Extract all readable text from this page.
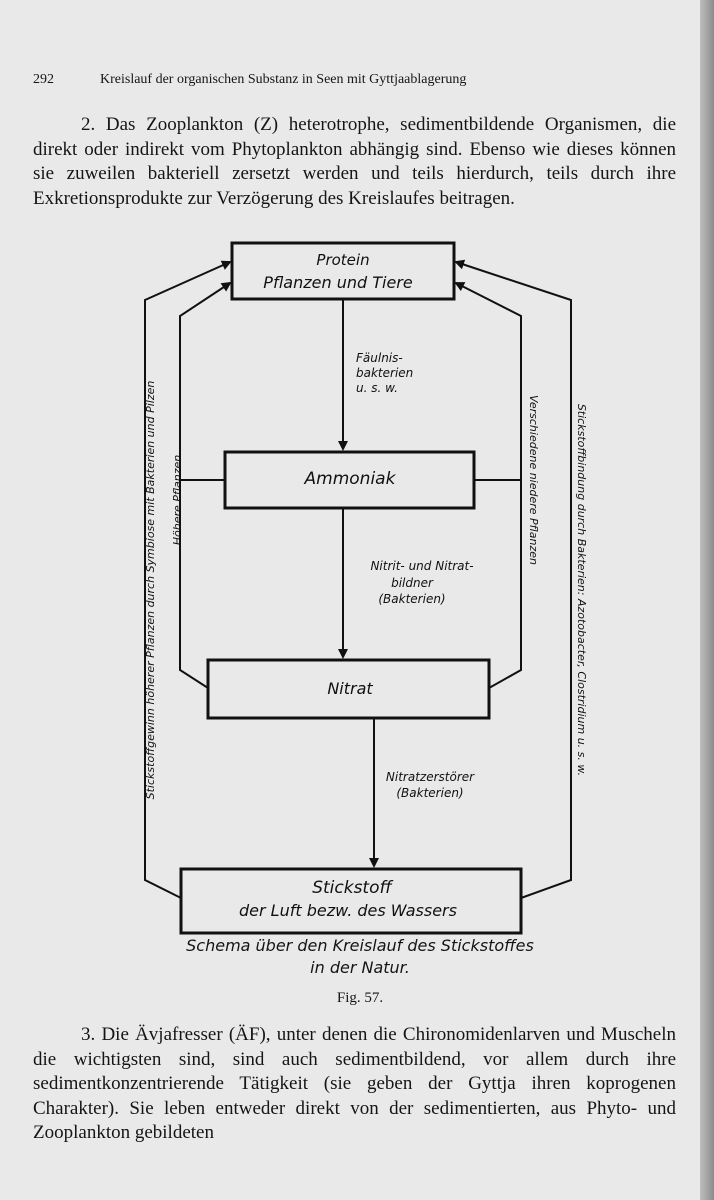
292	Kreislauf der organischen Substanz in Seen mit Gyttjaablagerung

2. Das Zooplankton (Z) heterotrophe, sedimentbildende Organismen, die direkt oder indirekt vom Phytoplankton abhängig sind. Ebenso wie dieses können sie zuweilen bakteriell zersetzt werden und teils hierdurch, teils durch ihre Exkretionsprodukte zur Verzögerung des Kreislaufes beitragen.

Protein
Pflanzen und Tiere
Ammoniak
Nitrat
Stickstoff
der Luft bezw. des Wassers
Fäulnis-
bakterien
u. s. w.
Nitrit- und Nitrat-
bildner
(Bakterien)
Nitratzerstörer
(Bakterien)
Stickstoffgewinn höherer Pflanzen durch Symbiose mit Bakterien und Pilzen Höhere Pflanzen	Verschiedene niedere Pflanzen	Stickstoffbindung durch Bakterien: Azotobacter, Clostridium u. s. w.
Schema über den Kreislauf des Stickstoffes
in der Natur.
Fig. 57.

3. Die Ävjafresser (ÄF), unter denen die Chironomidenlarven und Muscheln die wichtigsten sind, sind auch sedimentbildend, vor allem durch ihre sedimentkonzentrierende Tätigkeit (sie geben der Gyttja ihren koprogenen Charakter). Sie leben entweder direkt von der sedimentierten, aus Phyto- und Zooplankton gebildeten
